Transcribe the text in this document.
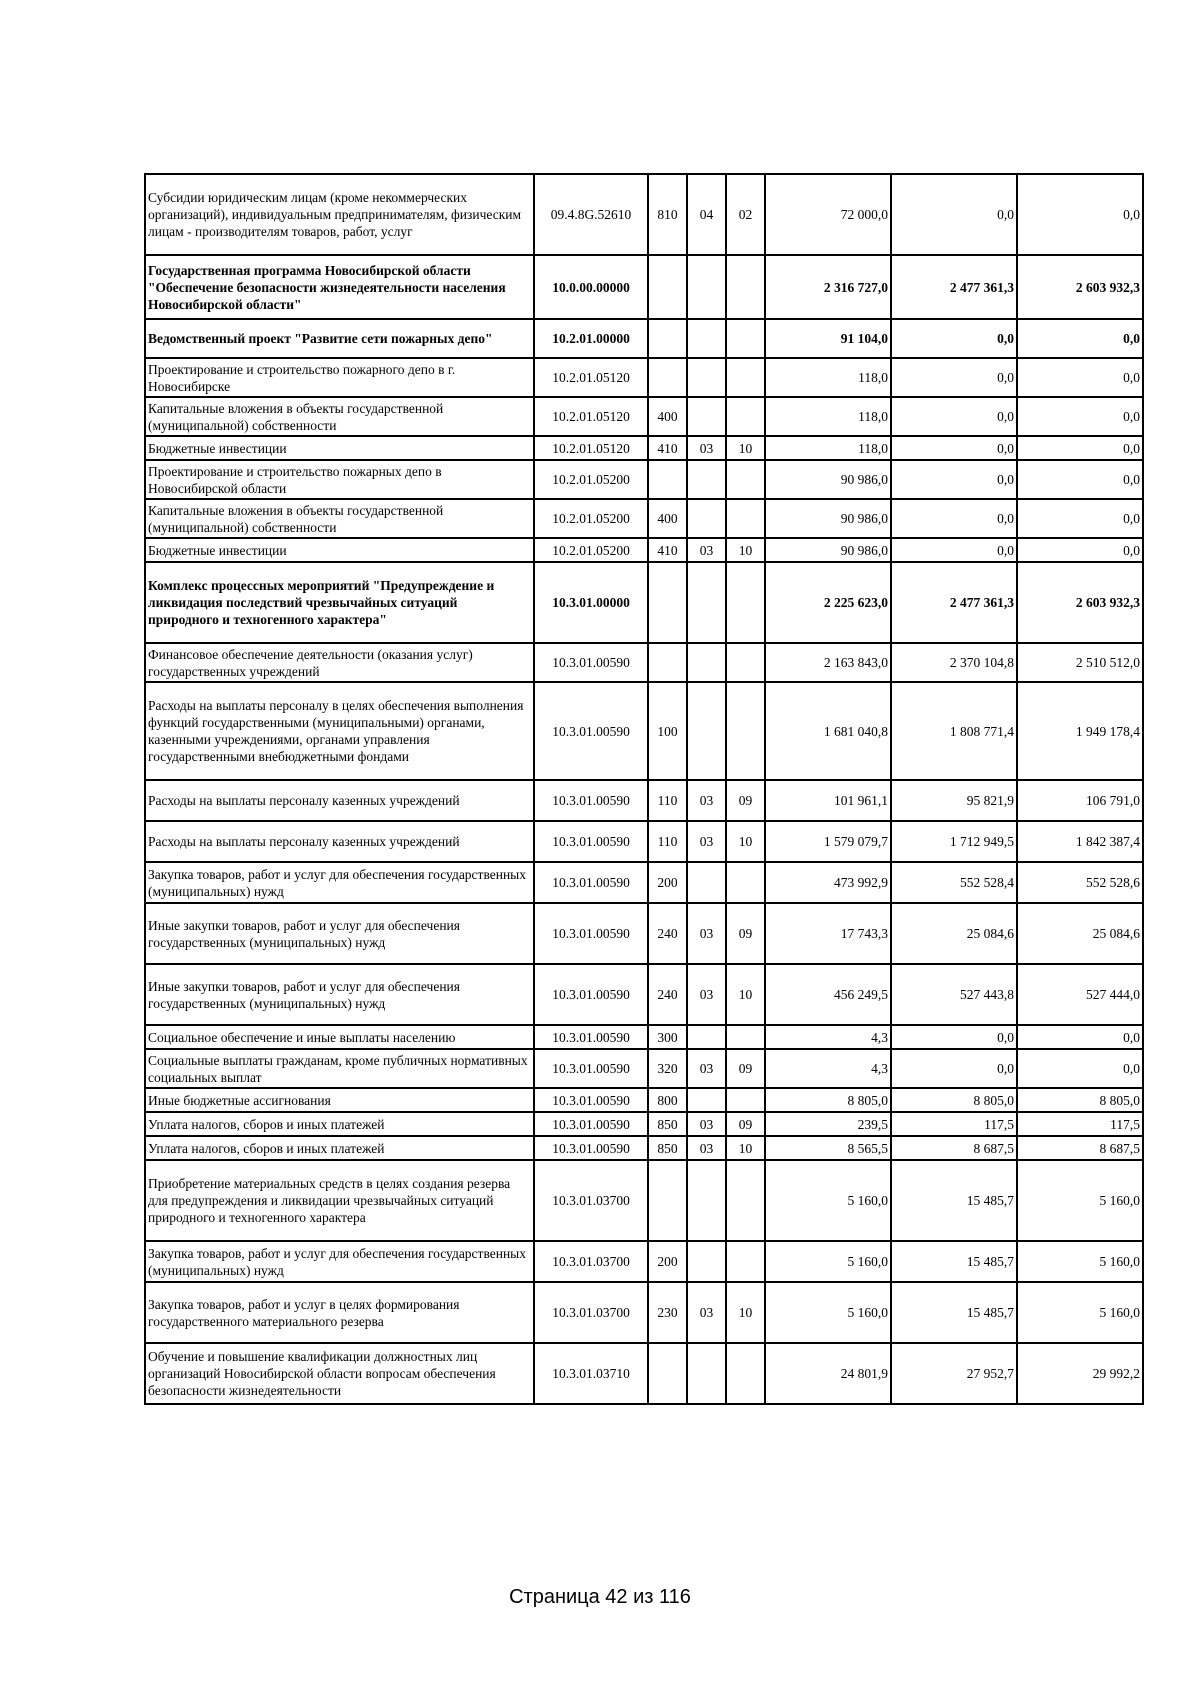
Субсидии юридическим лицам (кроме некоммерческих организаций), индивидуальным предпринимателям, физическим лицам - производителям товаров, работ, услуг	09.4.8G.52610	810	04	02	72 000,0	0,0	0,0
Государственная программа Новосибирской области "Обеспечение безопасности жизнедеятельности населения Новосибирской области"	10.0.00.00000				2 316 727,0	2 477 361,3	2 603 932,3
Ведомственный проект "Развитие сети пожарных депо"	10.2.01.00000				91 104,0	0,0	0,0
Проектирование и строительство пожарного депо в г. Новосибирске	10.2.01.05120				118,0	0,0	0,0
Капитальные вложения в объекты государственной (муниципальной) собственности	10.2.01.05120	400			118,0	0,0	0,0
Бюджетные инвестиции	10.2.01.05120	410	03	10	118,0	0,0	0,0
Проектирование и строительство пожарных депо в Новосибирской области	10.2.01.05200				90 986,0	0,0	0,0
Капитальные вложения в объекты государственной (муниципальной) собственности	10.2.01.05200	400			90 986,0	0,0	0,0
Бюджетные инвестиции	10.2.01.05200	410	03	10	90 986,0	0,0	0,0
Комплекс процессных мероприятий "Предупреждение и ликвидация последствий чрезвычайных ситуаций природного и техногенного характера"	10.3.01.00000				2 225 623,0	2 477 361,3	2 603 932,3
Финансовое обеспечение деятельности (оказания услуг) государственных учреждений	10.3.01.00590				2 163 843,0	2 370 104,8	2 510 512,0
Расходы на выплаты персоналу в целях обеспечения выполнения функций государственными (муниципальными) органами, казенными учреждениями, органами управления государственными внебюджетными фондами	10.3.01.00590	100			1 681 040,8	1 808 771,4	1 949 178,4
Расходы на выплаты персоналу казенных учреждений	10.3.01.00590	110	03	09	101 961,1	95 821,9	106 791,0
Расходы на выплаты персоналу казенных учреждений	10.3.01.00590	110	03	10	1 579 079,7	1 712 949,5	1 842 387,4
Закупка товаров, работ и услуг для обеспечения государственных (муниципальных) нужд	10.3.01.00590	200			473 992,9	552 528,4	552 528,6
Иные закупки товаров, работ и услуг для обеспечения государственных (муниципальных) нужд	10.3.01.00590	240	03	09	17 743,3	25 084,6	25 084,6
Иные закупки товаров, работ и услуг для обеспечения государственных (муниципальных) нужд	10.3.01.00590	240	03	10	456 249,5	527 443,8	527 444,0
Социальное обеспечение и иные выплаты населению	10.3.01.00590	300			4,3	0,0	0,0
Социальные выплаты гражданам, кроме публичных нормативных социальных выплат	10.3.01.00590	320	03	09	4,3	0,0	0,0
Иные бюджетные ассигнования	10.3.01.00590	800			8 805,0	8 805,0	8 805,0
Уплата налогов, сборов и иных платежей	10.3.01.00590	850	03	09	239,5	117,5	117,5
Уплата налогов, сборов и иных платежей	10.3.01.00590	850	03	10	8 565,5	8 687,5	8 687,5
Приобретение материальных средств в целях создания резерва для предупреждения и ликвидации чрезвычайных ситуаций природного и техногенного характера	10.3.01.03700				5 160,0	15 485,7	5 160,0
Закупка товаров, работ и услуг для обеспечения государственных (муниципальных) нужд	10.3.01.03700	200			5 160,0	15 485,7	5 160,0
Закупка товаров, работ и услуг в целях формирования государственного материального резерва	10.3.01.03700	230	03	10	5 160,0	15 485,7	5 160,0
Обучение и повышение квалификации должностных лиц организаций Новосибирской области вопросам обеспечения безопасности жизнедеятельности	10.3.01.03710				24 801,9	27 952,7	29 992,2
Страница 42 из 116
